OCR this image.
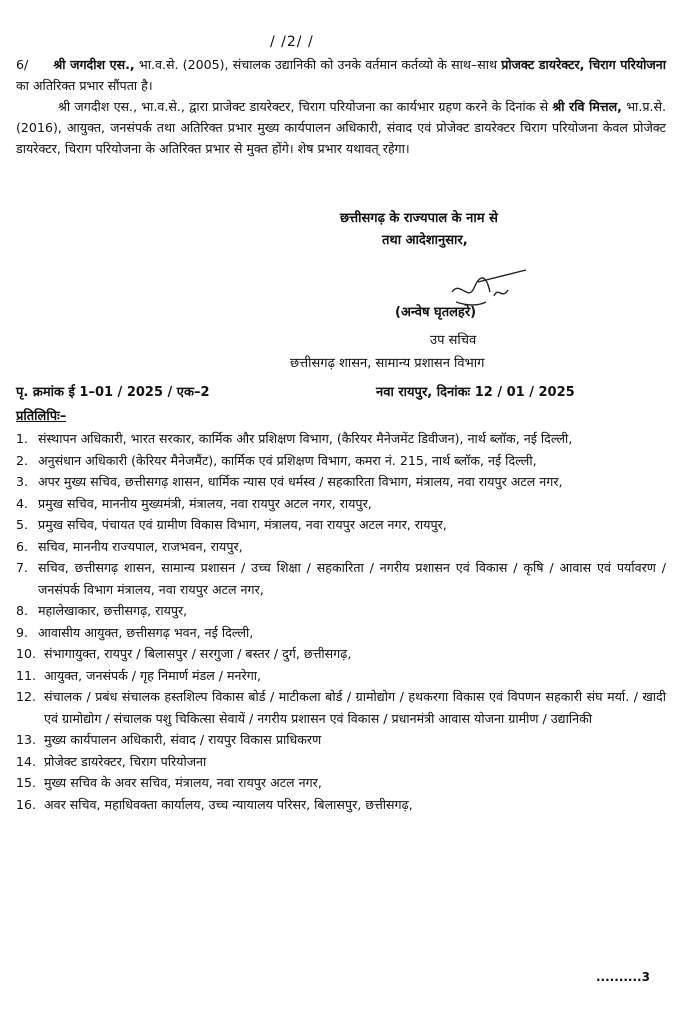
/ /2/ /
6/ श्री जगदीश एस., भा.व.से. (2005), संचालक उद्यानिकी को उनके वर्तमान कर्तव्यो के साथ–साथ प्रोजक्ट डायरेक्टर, चिराग परियोजना का अतिरिक्त प्रभार सौंपता है।
श्री जगदीश एस., भा.व.से., द्वारा प्राजेक्ट डायरेक्टर, चिराग परियोजना का कार्यभार ग्रहण करने के दिनांक से श्री रवि मित्तल, भा.प्र.से. (2016), आयुक्त, जनसंपर्क तथा अतिरिक्त प्रभार मुख्य कार्यपालन अधिकारी, संवाद एवं प्रोजेक्ट डायरेक्टर चिराग परियोजना केवल प्रोजेक्ट डायरेक्टर, चिराग परियोजना के अतिरिक्त प्रभार से मुक्त होंगे। शेष प्रभार यथावत् रहेगा।
छत्तीसगढ़ के राज्यपाल के नाम से
तथा आदेशानुसार,
(अन्वेष घृतलहरे)
उप सचिव
छत्तीसगढ़ शासन, सामान्य प्रशासन विभाग
पृ. क्रमांक ई 1–01 / 2025 / एक–2	नवा रायपुर, दिनांकः 12 / 01 / 2025
प्रतिलिपिः–
1. संस्थापन अधिकारी, भारत सरकार, कार्मिक और प्रशिक्षण विभाग, (कैरियर मैनेजमेंट डिवीजन), नार्थ ब्लॉक, नई दिल्ली,
2. अनुसंधान अधिकारी (केरियर मैनेजमैंट), कार्मिक एवं प्रशिक्षण विभाग, कमरा नं. 215, नार्थ ब्लॉक, नई दिल्ली,
3. अपर मुख्य सचिव, छत्तीसगढ़ शासन, धार्मिक न्यास एवं धर्मस्व / सहकारिता विभाग, मंत्रालय, नवा रायपुर अटल नगर,
4. प्रमुख सचिव, माननीय मुख्यमंत्री, मंत्रालय, नवा रायपुर अटल नगर, रायपुर,
5. प्रमुख सचिव, पंचायत एवं ग्रामीण विकास विभाग, मंत्रालय, नवा रायपुर अटल नगर, रायपुर,
6. सचिव, माननीय राज्यपाल, राजभवन, रायपुर,
7. सचिव, छत्तीसगढ़ शासन, सामान्य प्रशासन / उच्च शिक्षा / सहकारिता / नगरीय प्रशासन एवं विकास / कृषि / आवास एवं पर्यावरण / जनसंपर्क विभाग मंत्रालय, नवा रायपुर अटल नगर,
8. महालेखाकार, छत्तीसगढ़, रायपुर,
9. आवासीय आयुक्त, छत्तीसगढ़ भवन, नई दिल्ली,
10. संभागायुक्त, रायपुर / बिलासपुर / सरगुजा / बस्तर / दुर्ग, छत्तीसगढ़,
11. आयुक्त, जनसंपर्क / गृह निमार्ण मंडल / मनरेगा,
12. संचालक / प्रबंध संचालक हस्तशिल्प विकास बोर्ड / माटीकला बोर्ड / ग्रामोद्योग / हथकरगा विकास एवं विपणन सहकारी संघ मर्या. / खादी एवं ग्रामोद्योग / संचालक पशु चिकित्सा सेवायें / नगरीय प्रशासन एवं विकास / प्रधानमंत्री आवास योजना ग्रामीण / उद्यानिकी
13. मुख्य कार्यपालन अधिकारी, संवाद / रायपुर विकास प्राधिकरण
14. प्रोजेक्ट डायरेक्टर, चिराग परियोजना
15. मुख्य सचिव के अवर सचिव, मंत्रालय, नवा रायपुर अटल नगर,
16. अवर सचिव, महाधिवक्ता कार्यालय, उच्च न्यायालय परिसर, बिलासपुर, छत्तीसगढ़,
..........3
